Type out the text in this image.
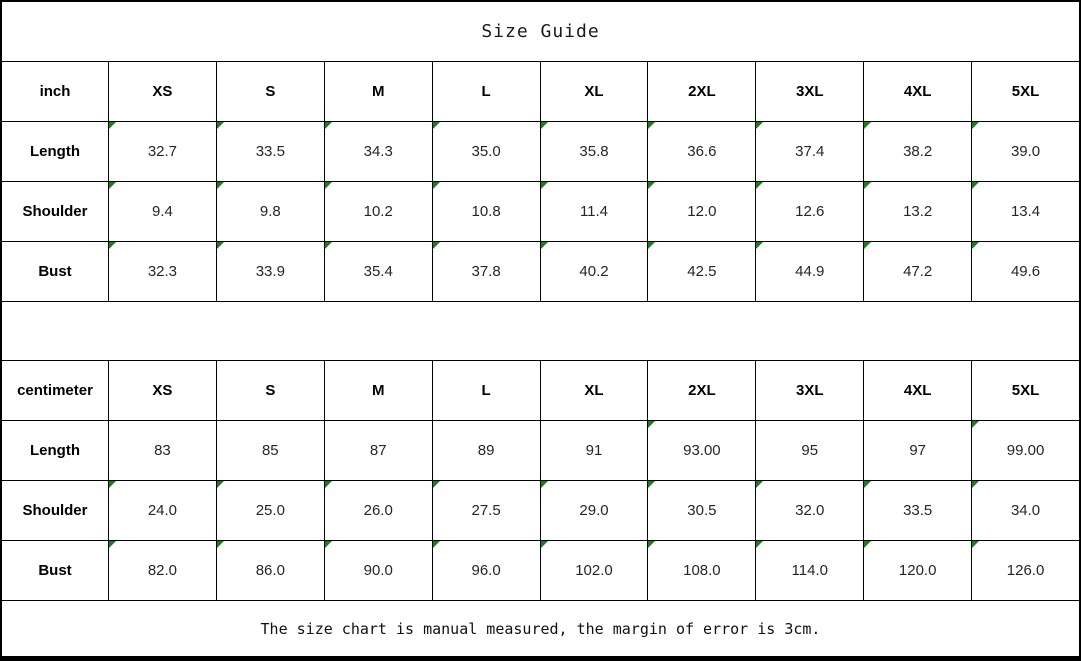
Size Guide
inch	XS	S	M	L	XL	2XL	3XL	4XL	5XL
Length	32.7	33.5	34.3	35.0	35.8	36.6	37.4	38.2	39.0
Shoulder	9.4	9.8	10.2	10.8	11.4	12.0	12.6	13.2	13.4
Bust	32.3	33.9	35.4	37.8	40.2	42.5	44.9	47.2	49.6
centimeter	XS	S	M	L	XL	2XL	3XL	4XL	5XL
Length	83	85	87	89	91	93.00	95	97	99.00
Shoulder	24.0	25.0	26.0	27.5	29.0	30.5	32.0	33.5	34.0
Bust	82.0	86.0	90.0	96.0	102.0	108.0	114.0	120.0	126.0
The size chart is manual measured, the margin of error is 3cm.
